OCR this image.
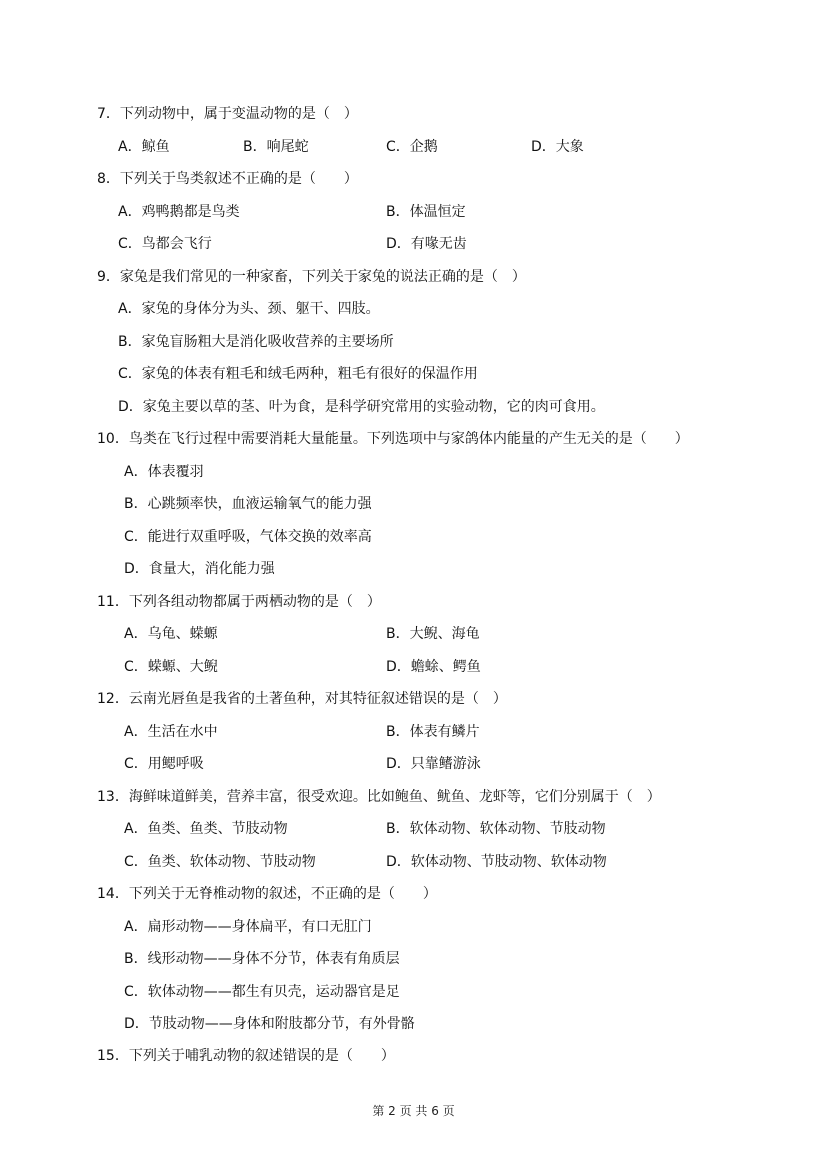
7．下列动物中，属于变温动物的是（　）
A．鲸鱼	B．响尾蛇	C．企鹅	D．大象
8．下列关于鸟类叙述不正确的是（　　）
A．鸡鸭鹅都是鸟类	B．体温恒定
C．鸟都会飞行	D．有喙无齿
9．家兔是我们常见的一种家畜，下列关于家兔的说法正确的是（　）
A．家兔的身体分为头、颈、躯干、四肢。
B．家兔盲肠粗大是消化吸收营养的主要场所
C．家兔的体表有粗毛和绒毛两种，粗毛有很好的保温作用
D．家兔主要以草的茎、叶为食，是科学研究常用的实验动物，它的肉可食用。
10．鸟类在飞行过程中需要消耗大量能量。下列选项中与家鸽体内能量的产生无关的是（　　）
A．体表覆羽
B．心跳频率快，血液运输氧气的能力强
C．能进行双重呼吸，气体交换的效率高
D．食量大，消化能力强
11．下列各组动物都属于两栖动物的是（　）
A．乌龟、蝾螈	B．大鲵、海龟
C．蝾螈、大鲵	D．蟾蜍、鳄鱼
12．云南光唇鱼是我省的土著鱼种，对其特征叙述错误的是（　）
A．生活在水中	B．体表有鳞片
C．用鳃呼吸	D．只靠鳍游泳
13．海鲜味道鲜美，营养丰富，很受欢迎。比如鲍鱼、鱿鱼、龙虾等，它们分别属于（　）
A．鱼类、鱼类、节肢动物	B．软体动物、软体动物、节肢动物
C．鱼类、软体动物、节肢动物	D．软体动物、节肢动物、软体动物
14．下列关于无脊椎动物的叙述，不正确的是（　　）
A．扁形动物——身体扁平，有口无肛门
B．线形动物——身体不分节，体表有角质层
C．软体动物——都生有贝壳，运动器官是足
D．节肢动物——身体和附肢都分节，有外骨骼
15．下列关于哺乳动物的叙述错误的是（　　）
第 2 页 共 6 页
